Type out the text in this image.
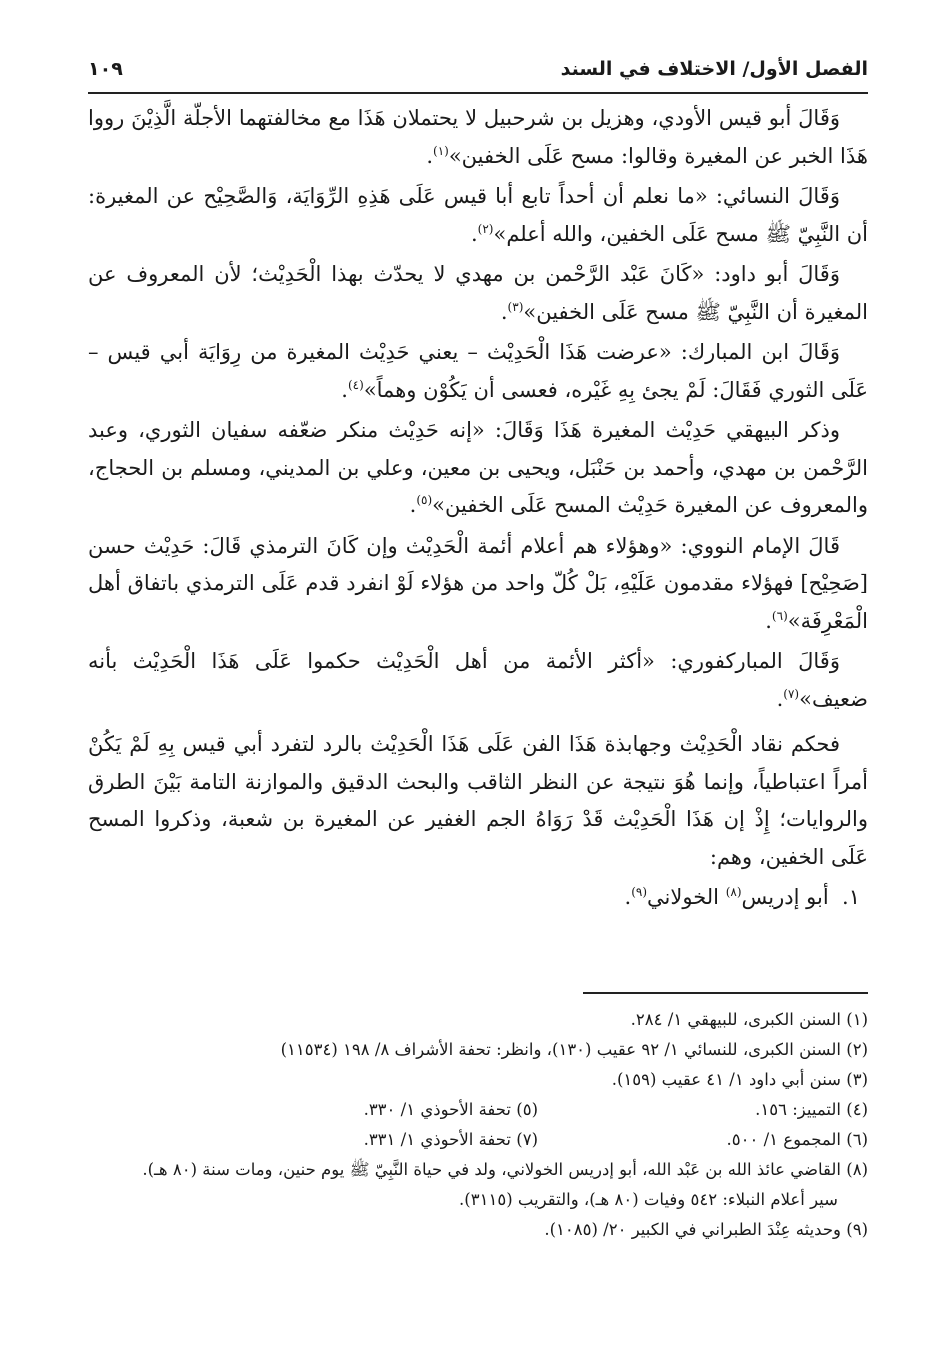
الفصل الأول/ الاختلاف في السند
١٠٩

وَقَالَ أبو قيس الأودي، وهزيل بن شرحبيل لا يحتملان هَذَا مع مخالفتهما الأجلّة الَّذِيْنَ رووا هَذَا الخبر عن المغيرة وقالوا: مسح عَلَى الخفين»$^{(١)}$.

وَقَالَ النسائي: «ما نعلم أن أحداً تابع أبا قيس عَلَى هَذِهِ الرِّوَايَة، وَالصَّحِيْح عن المغيرة: أن النَّبِيّ ﷺ مسح عَلَى الخفين، والله أعلم»$^{(٢)}$.

وَقَالَ أبو داود: «كَانَ عَبْد الرَّحْمن بن مهدي لا يحدّث بهذا الْحَدِيْث؛ لأن المعروف عن المغيرة أن النَّبِيّ ﷺ مسح عَلَى الخفين»$^{(٣)}$.

وَقَالَ ابن المبارك: «عرضت هَذَا الْحَدِيْث – يعني حَدِيْث المغيرة من رِوَايَة أبي قيس – عَلَى الثوري فَقَالَ: لَمْ يجئ بِهِ غَيْره، فعسى أن يَكُوْن وهماً»$^{(٤)}$.

وذكر البيهقي حَدِيْث المغيرة هَذَا وَقَالَ: «إنه حَدِيْث منكر ضعّفه سفيان الثوري، وعبد الرَّحْمن بن مهدي، وأحمد بن حَنْبَل، ويحيى بن معين، وعلي بن المديني، ومسلم بن الحجاج، والمعروف عن المغيرة حَدِيْث المسح عَلَى الخفين»$^{(٥)}$.

قَالَ الإمام النووي: «وهؤلاء هم أعلام أئمة الْحَدِيْث وإن كَانَ الترمذي قَالَ: حَدِيْث حسن [صَحِيْح] فهؤلاء مقدمون عَلَيْهِ، بَلْ كُلّ واحد من هؤلاء لَوْ انفرد قدم عَلَى الترمذي باتفاق أهل الْمَعْرِفَة»$^{(٦)}$.

وَقَالَ المباركفوري: «أكثر الأئمة من أهل الْحَدِيْث حكموا عَلَى هَذَا الْحَدِيْث بأنه ضعيف»$^{(٧)}$.

فحكم نقاد الْحَدِيْث وجهابذة هَذَا الفن عَلَى هَذَا الْحَدِيْث بالرد لتفرد أبي قيس بِهِ لَمْ يَكُنْ أمراً اعتباطياً، وإنما هُوَ نتيجة عن النظر الثاقب والبحث الدقيق والموازنة التامة بَيْنَ الطرق والروايات؛ إِذْ إن هَذَا الْحَدِيْث قَدْ رَوَاهُ الجم الغفير عن المغيرة بن شعبة، وذكروا المسح عَلَى الخفين، وهم:

١.  أبو إدريس$^{(٨)}$ الخولاني$^{(٩)}$.

(١) السنن الكبرى، للبيهقي ١/ ٢٨٤.

(٢) السنن الكبرى، للنسائي ١/ ٩٢ عقيب (١٣٠)، وانظر: تحفة الأشراف ٨/ ١٩٨ (١١٥٣٤)

(٣) سنن أبي داود ١/ ٤١ عقيب (١٥٩).

(٤) التمييز: ١٥٦.
(٥) تحفة الأحوذي ١/ ٣٣٠.
(٦) المجموع ١/ ٥٠٠.
(٧) تحفة الأحوذي ١/ ٣٣١.

(٨) القاضي عائذ الله بن عَبْد الله، أبو إدريس الخولاني، ولد في حياة النَّبِيّ ﷺ يوم حنين، ومات سنة (٨٠ هـ).

سير أعلام النبلاء: ٥٤٢ وفيات (٨٠ هـ)، والتقريب (٣١١٥).

(٩) وحديثه عِنْدَ الطبراني في الكبير ٢٠/ (١٠٨٥).
